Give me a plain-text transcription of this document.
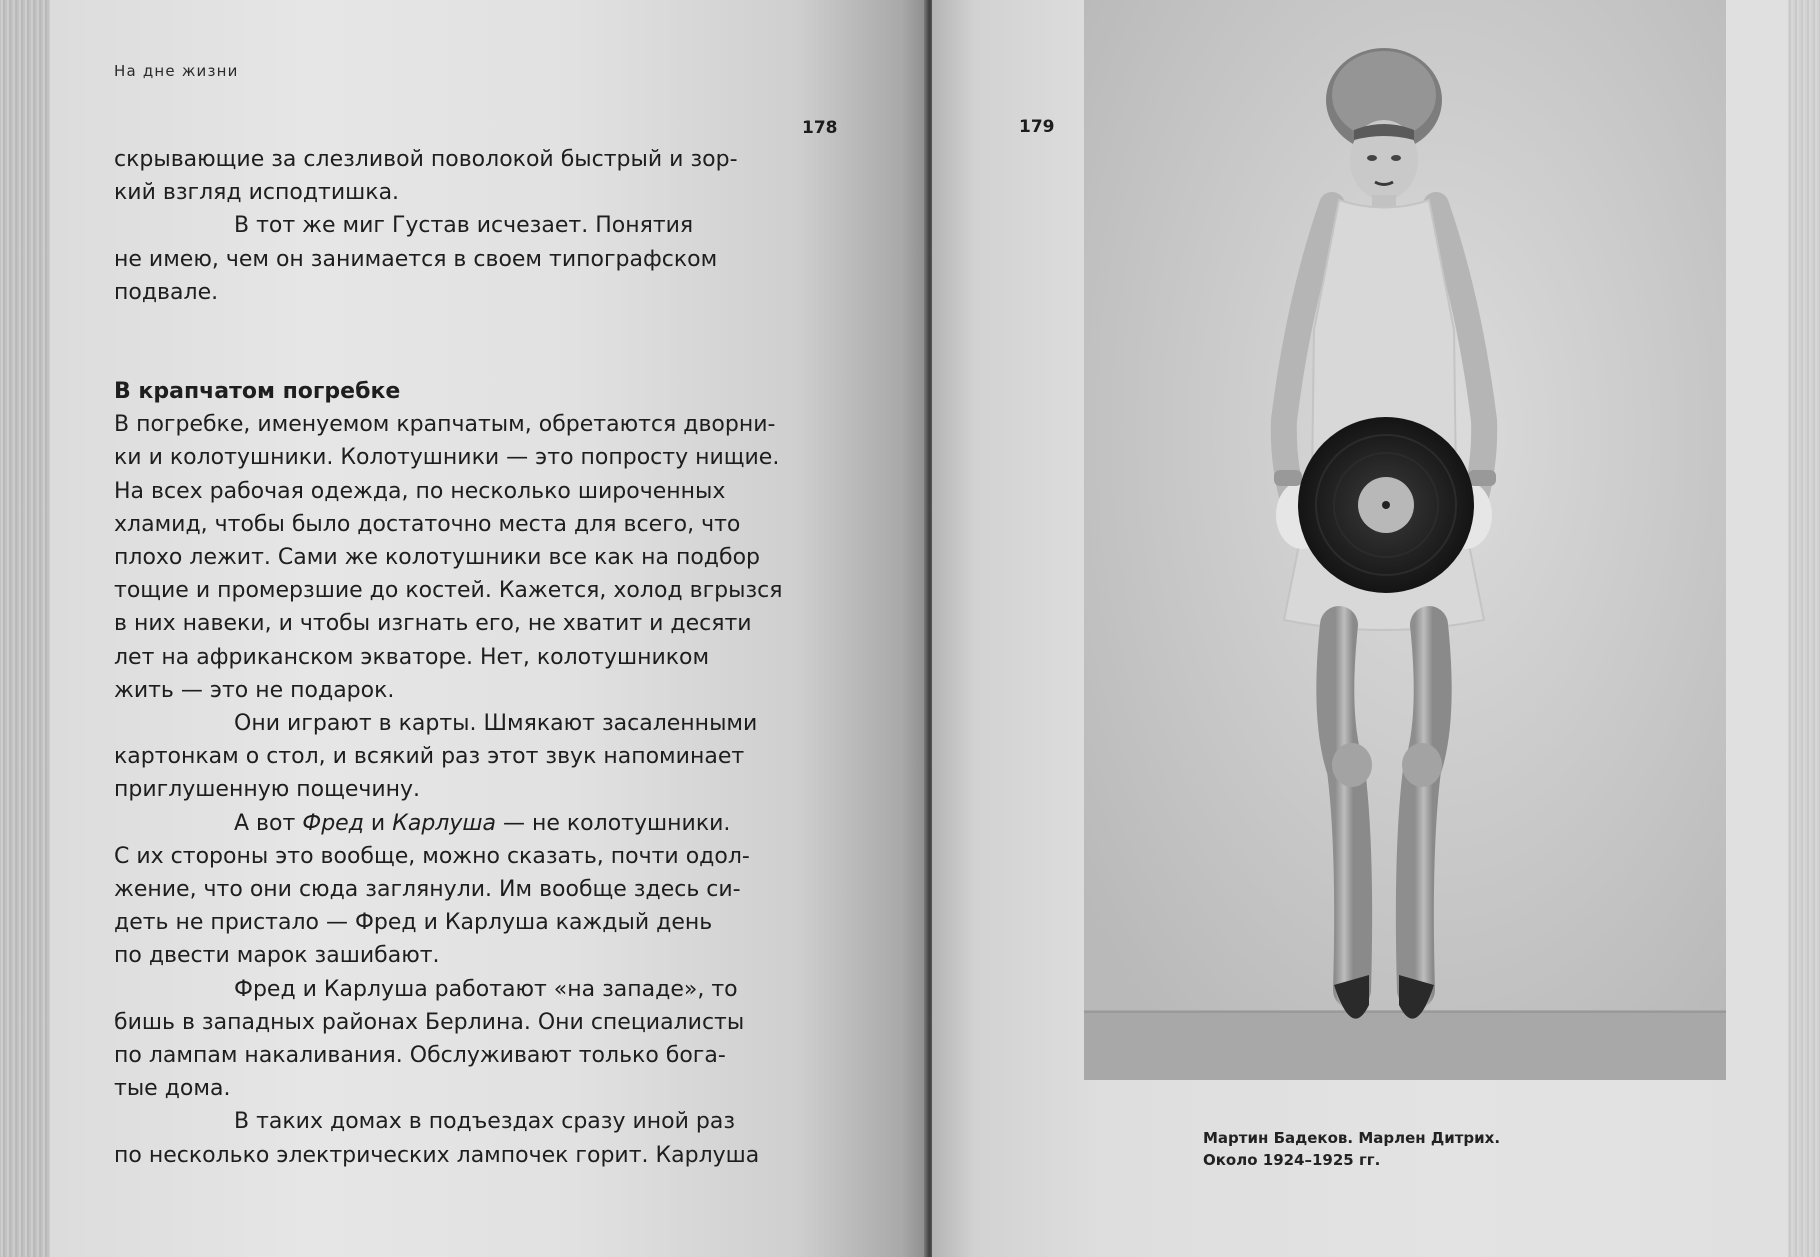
На дне жизни
178

скрывающие за слезливой поволокой быстрый и зор-
кий взгляд исподтишка.

В тот же миг Густав исчезает. Понятия
не имею, чем он занимается в своем типографском
подвале.

В крапчатом погребке

В погребке, именуемом крапчатым, обретаются дворни-
ки и колотушники. Колотушники — это попросту нищие.
На всех рабочая одежда, по несколько широченных
хламид, чтобы было достаточно места для всего, что
плохо лежит. Сами же колотушники все как на подбор
тощие и промерзшие до костей. Кажется, холод вгрызся
в них навеки, и чтобы изгнать его, не хватит и десяти
лет на африканском экваторе. Нет, колотушником
жить — это не подарок.

Они играют в карты. Шмякают засаленными
картонкам о стол, и всякий раз этот звук напоминает
приглушенную пощечину.

А вот Фред и Карлуша — не колотушники.
С их стороны это вообще, можно сказать, почти одол-
жение, что они сюда заглянули. Им вообще здесь си-
деть не пристало — Фред и Карлуша каждый день
по двести марок зашибают.

Фред и Карлуша работают «на западе», то
бишь в западных районах Берлина. Они специалисты
по лампам накаливания. Обслуживают только бога-
тые дома.

В таких домах в подъездах сразу иной раз
по несколько электрических лампочек горит. Карлуша

179
Мартин Бадеков. Марлен Дитрих.
Около 1924–1925 гг.
